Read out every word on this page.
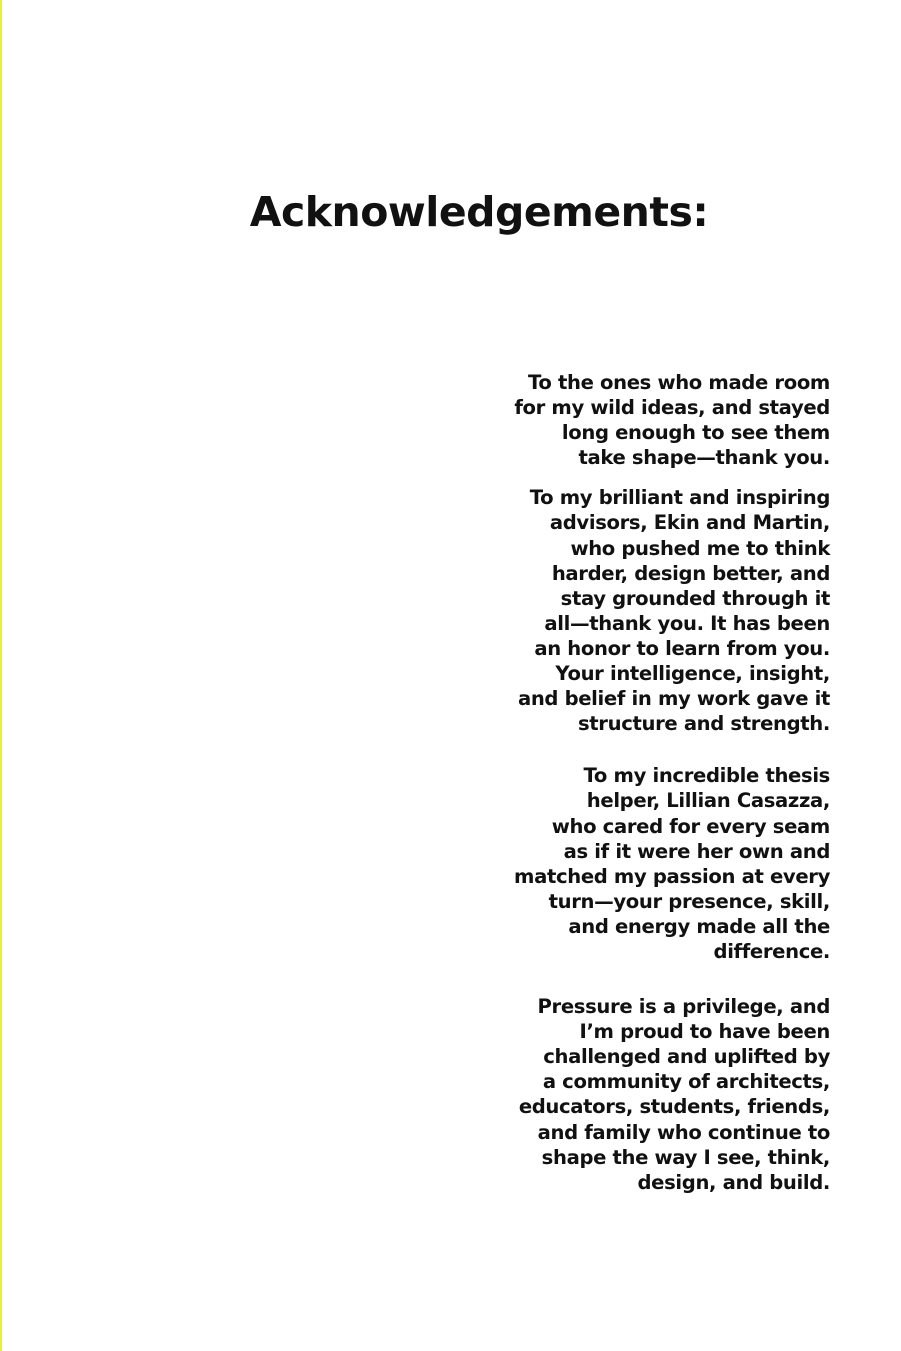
Acknowledgements:

To the ones who made room
for my wild ideas, and stayed
long enough to see them
take shape—thank you.

To my brilliant and inspiring
advisors, Ekin and Martin,
who pushed me to think
harder, design better, and
stay grounded through it
all—thank you. It has been
an honor to learn from you.
Your intelligence, insight,
and belief in my work gave it
structure and strength.

To my incredible thesis
helper, Lillian Casazza,
who cared for every seam
as if it were her own and
matched my passion at every
turn—your presence, skill,
and energy made all the
difference.

Pressure is a privilege, and
I’m proud to have been
challenged and uplifted by
a community of architects,
educators, students, friends,
and family who continue to
shape the way I see, think,
design, and build.
